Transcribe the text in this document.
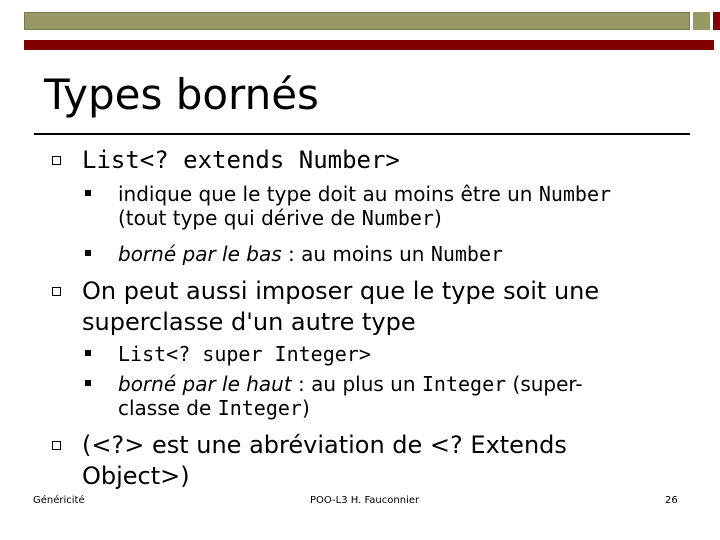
Types bornés
List<? extends Number>
indique que le type doit au moins être un Number
(tout type qui dérive de Number)
borné par le bas : au moins un Number
On peut aussi imposer que le type soit une
superclasse d'un autre type
List<? super Integer>
borné par le haut : au plus un Integer (super-
classe de Integer)
(<?> est une abréviation de <? Extends
Object>)
Généricité	POO-L3 H. Fauconnier	26
